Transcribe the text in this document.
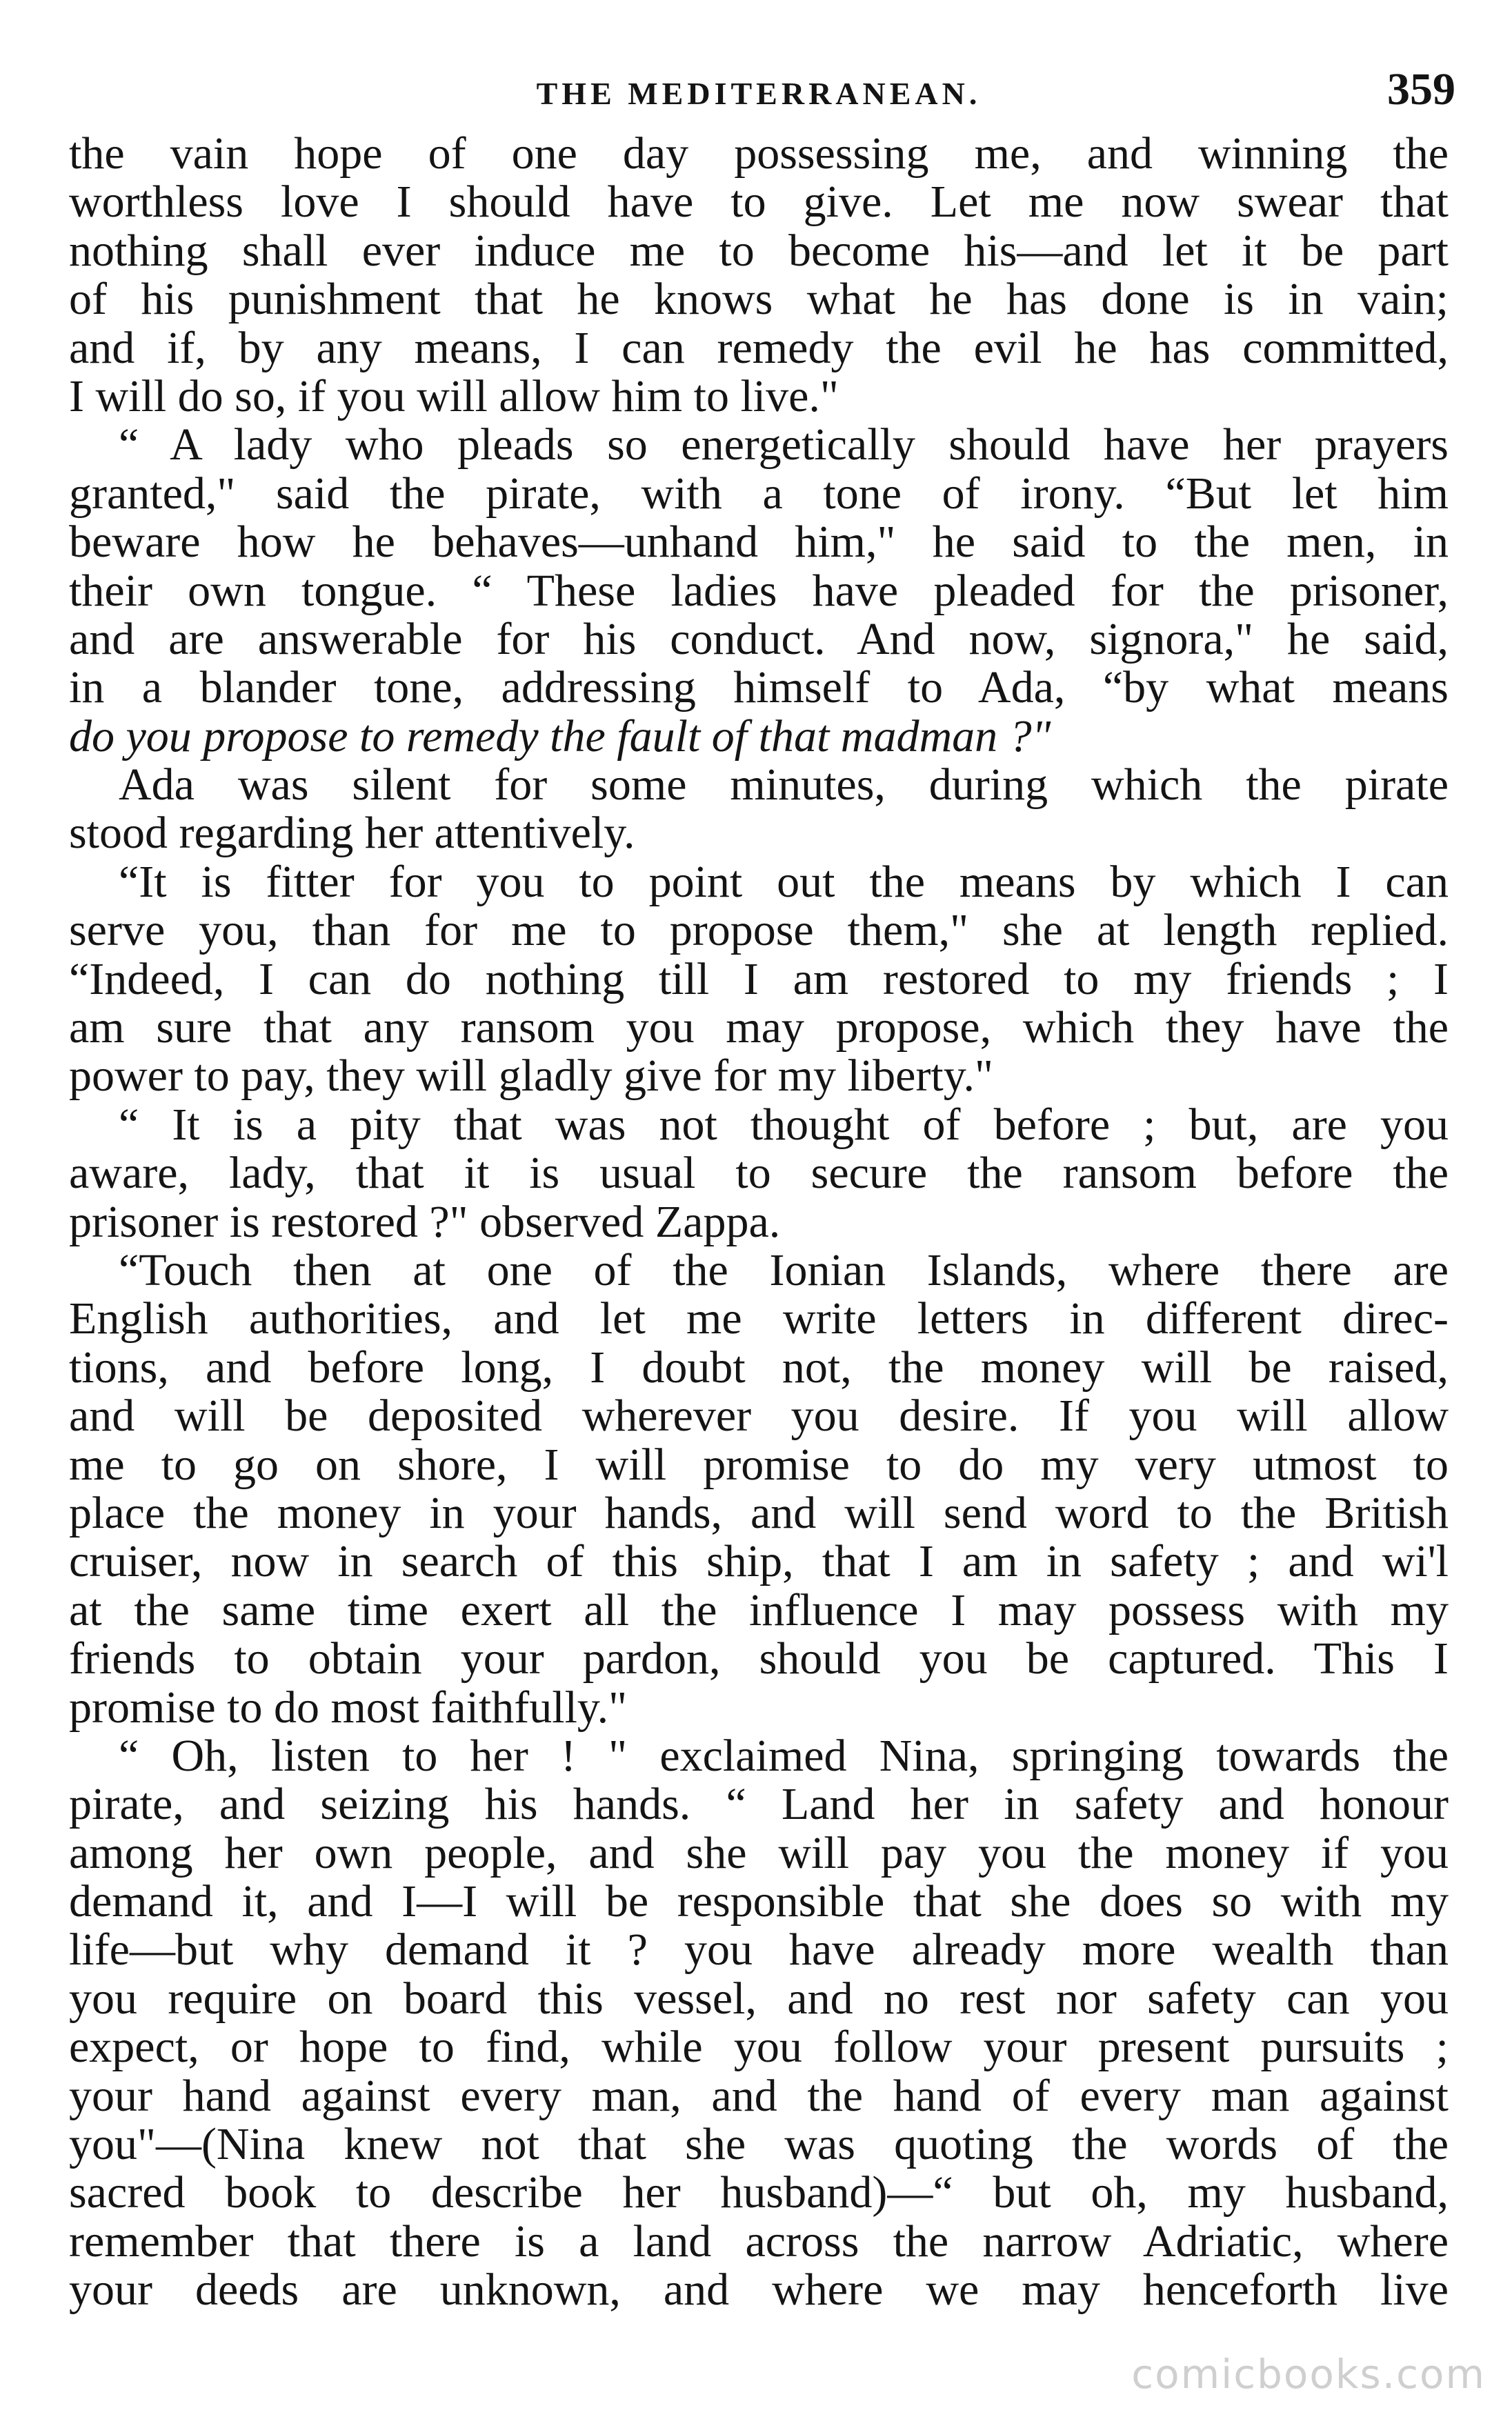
THE MEDITERRANEAN.	359
the vain hope of one day possessing me, and winning the
worthless love I should have to give. Let me now swear that
nothing shall ever induce me to become his—and let it be part
of his punishment that he knows what he has done is in vain;
and if, by any means, I can remedy the evil he has committed,
I will do so, if you will allow him to live."
“ A lady who pleads so energetically should have her prayers
granted," said the pirate, with a tone of irony. “But let him
beware how he behaves—unhand him," he said to the men, in
their own tongue. “ These ladies have pleaded for the prisoner,
and are answerable for his conduct. And now, signora," he said,
in a blander tone, addressing himself to Ada, “by what means
do you propose to remedy the fault of that madman ?"
Ada was silent for some minutes, during which the pirate
stood regarding her attentively.
“It is fitter for you to point out the means by which I can
serve you, than for me to propose them," she at length replied.
“Indeed, I can do nothing till I am restored to my friends ; I
am sure that any ransom you may propose, which they have the
power to pay, they will gladly give for my liberty."
“ It is a pity that was not thought of before ; but, are you
aware, lady, that it is usual to secure the ransom before the
prisoner is restored ?" observed Zappa.
“Touch then at one of the Ionian Islands, where there are
English authorities, and let me write letters in different direc-
tions, and before long, I doubt not, the money will be raised,
and will be deposited wherever you desire. If you will allow
me to go on shore, I will promise to do my very utmost to
place the money in your hands, and will send word to the British
cruiser, now in search of this ship, that I am in safety ; and wi'l
at the same time exert all the influence I may possess with my
friends to obtain your pardon, should you be captured. This I
promise to do most faithfully."
“ Oh, listen to her ! " exclaimed Nina, springing towards the
pirate, and seizing his hands. “ Land her in safety and honour
among her own people, and she will pay you the money if you
demand it, and I—I will be responsible that she does so with my
life—but why demand it ? you have already more wealth than
you require on board this vessel, and no rest nor safety can you
expect, or hope to find, while you follow your present pursuits ;
your hand against every man, and the hand of every man against
you"—(Nina knew not that she was quoting the words of the
sacred book to describe her husband)—“ but oh, my husband,
remember that there is a land across the narrow Adriatic, where
your deeds are unknown, and where we may henceforth live
comicbooks.com
